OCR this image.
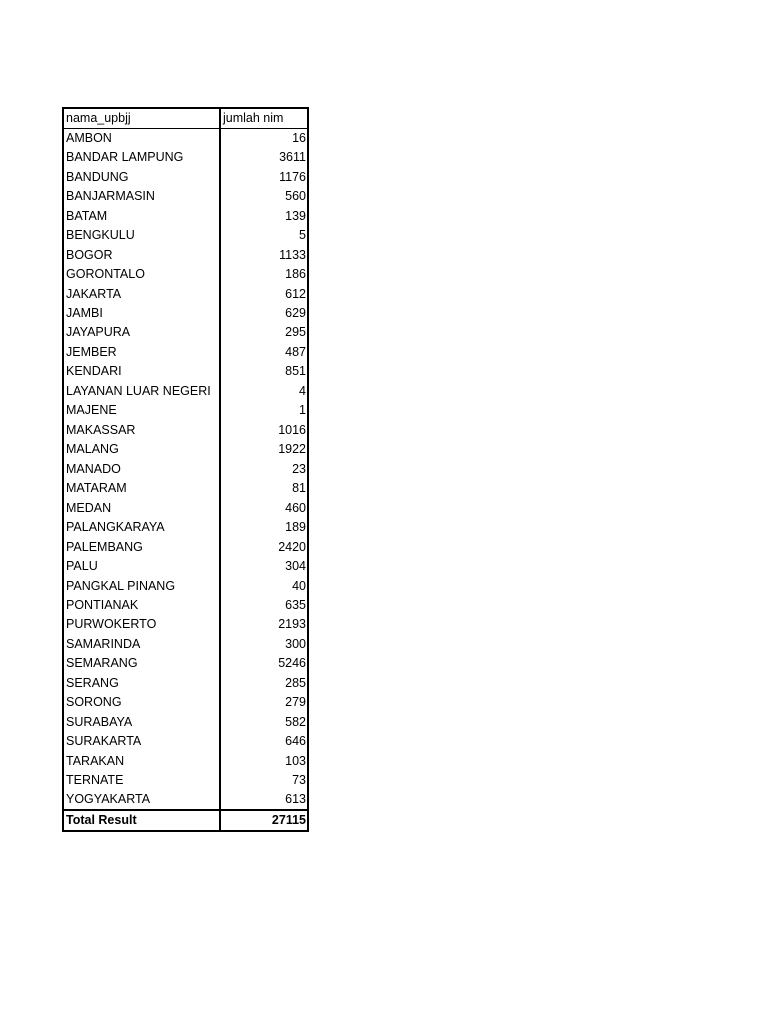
nama_upbjj	jumlah nim
AMBON	16
BANDAR LAMPUNG	3611
BANDUNG	1176
BANJARMASIN	560
BATAM	139
BENGKULU	5
BOGOR	1133
GORONTALO	186
JAKARTA	612
JAMBI	629
JAYAPURA	295
JEMBER	487
KENDARI	851
LAYANAN LUAR NEGERI	4
MAJENE	1
MAKASSAR	1016
MALANG	1922
MANADO	23
MATARAM	81
MEDAN	460
PALANGKARAYA	189
PALEMBANG	2420
PALU	304
PANGKAL PINANG	40
PONTIANAK	635
PURWOKERTO	2193
SAMARINDA	300
SEMARANG	5246
SERANG	285
SORONG	279
SURABAYA	582
SURAKARTA	646
TARAKAN	103
TERNATE	73
YOGYAKARTA	613
Total Result	27115
